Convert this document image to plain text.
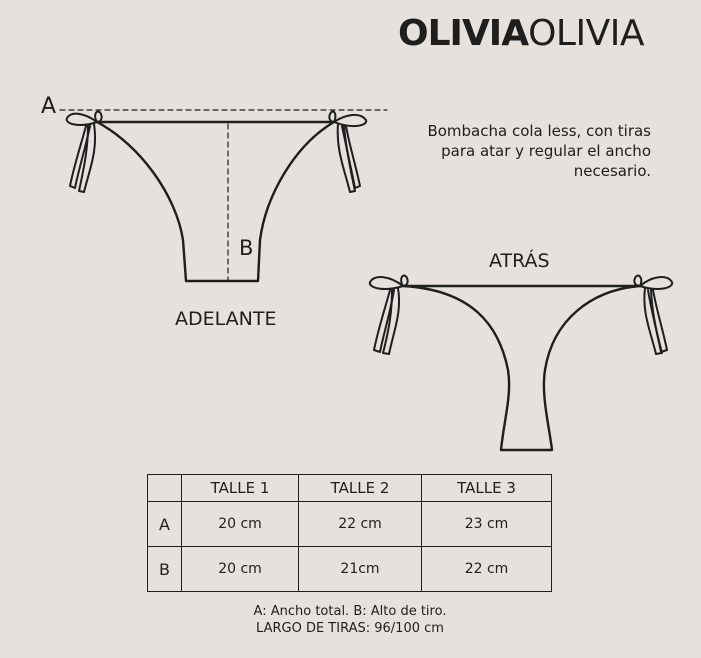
OLIVIAOLIVIA
Bombacha cola less, con tiras para atar y regular el ancho necesario.
A
B
ADELANTE
ATRÁS
	TALLE 1	TALLE 2	TALLE 3
A	20 cm	22 cm	23 cm
B	20 cm	21cm	22 cm
A: Ancho total. B: Alto de tiro.
LARGO DE TIRAS: 96/100 cm
